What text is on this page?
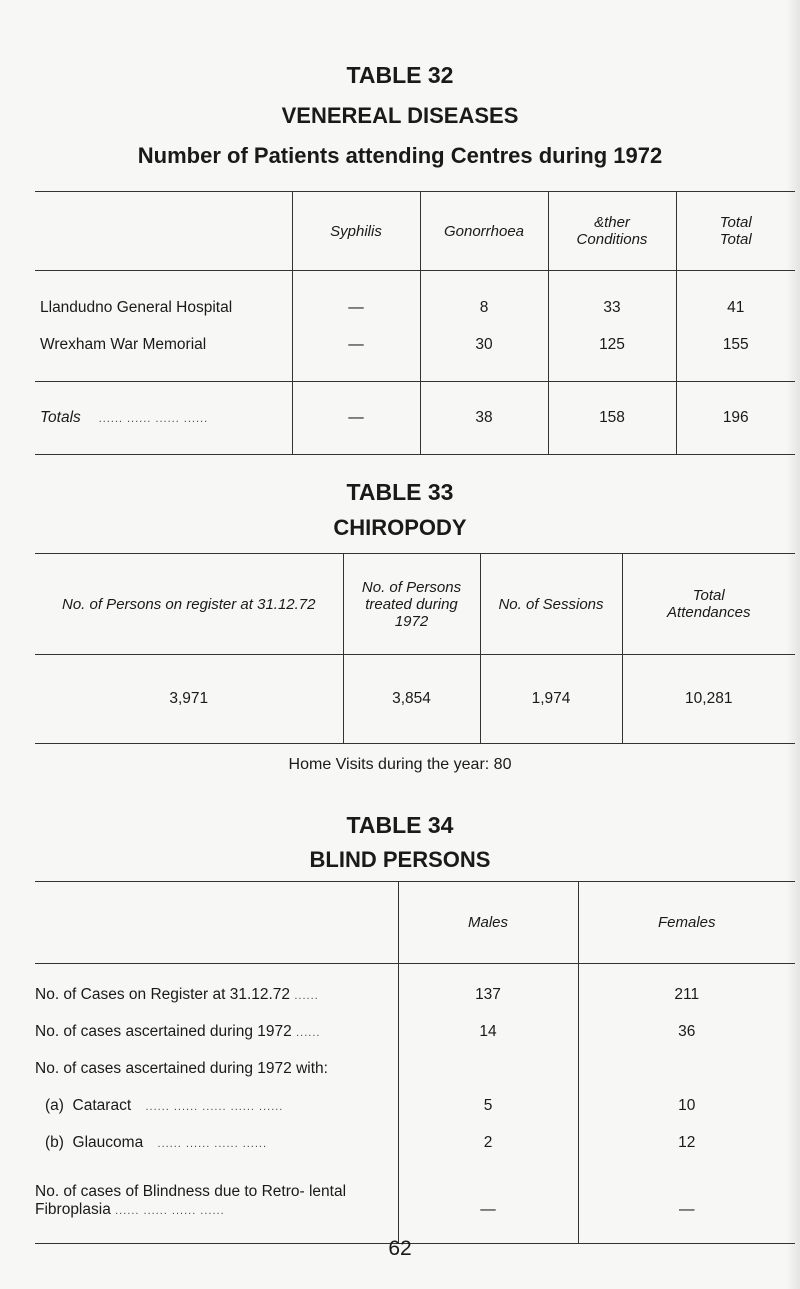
TABLE 32
VENEREAL DISEASES
Number of Patients attending Centres during 1972
	Syphilis	Gonorrhoea	&ther Conditions	Total Total

Llandudno General Hospital	—	8	33	41
Wrexham War Memorial	—	30	125	155

Totals ...... ...... ...... ......	—	38	158	196

TABLE 33
CHIROPODY
No. of Persons on register at 31.12.72	No. of Persons treated during 1972	No. of Sessions	Total Attendances
3,971	3,854	1,974	10,281
Home Visits during the year: 80
TABLE 34
BLIND PERSONS
	Males	Females

No. of Cases on Register at 31.12.72 ......	137	211
No. of cases ascertained during 1972 ......	14	36
No. of cases ascertained during 1972 with:		
(a)  Cataract ...... ...... ...... ...... ......	5	10
(b)  Glaucoma ...... ...... ...... ......	2	12
No. of cases of Blindness due to Retro- lental Fibroplasia ...... ...... ...... ......	—	—

62
